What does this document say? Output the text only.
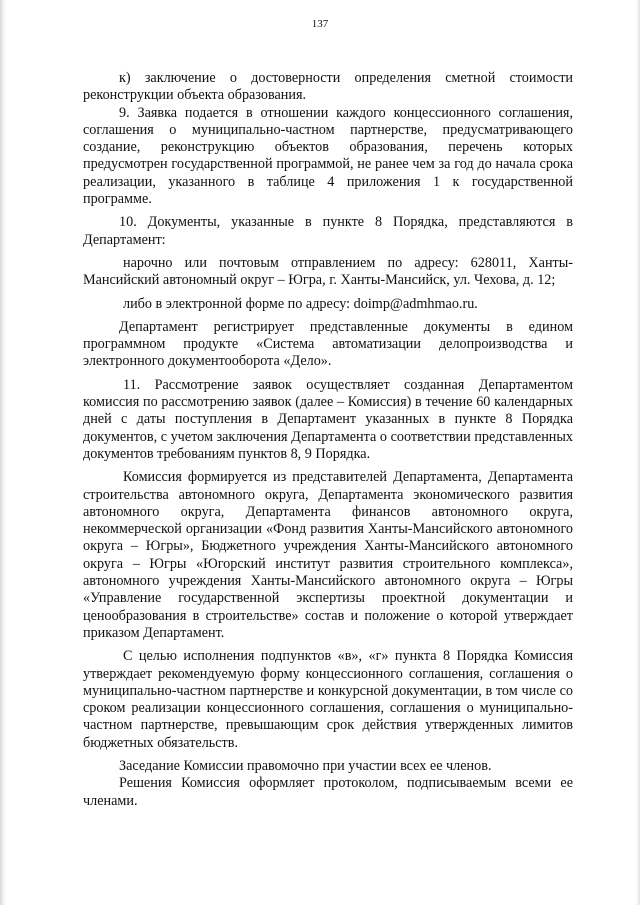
137

к) заключение о достоверности определения сметной стоимости реконструкции объекта образования.

9. Заявка подается в отношении каждого концессионного соглашения, соглашения о муниципально-частном партнерстве, предусматривающего создание, реконструкцию объектов образования, перечень которых предусмотрен государственной программой, не ранее чем за год до начала срока реализации, указанного в таблице 4 приложения 1 к государственной программе.

10. Документы, указанные в пункте 8 Порядка, представляются в Департамент:

нарочно или почтовым отправлением по адресу: 628011, Ханты-Мансийский автономный округ – Югра, г. Ханты-Мансийск, ул. Чехова, д. 12;

либо в электронной форме по адресу: doimp@admhmao.ru.

Департамент регистрирует представленные документы в едином программном продукте «Система автоматизации делопроизводства и электронного документооборота «Дело».

11. Рассмотрение заявок осуществляет созданная Департаментом комиссия по рассмотрению заявок (далее – Комиссия) в течение 60 календарных дней с даты поступления в Департамент указанных в пункте 8 Порядка документов, с учетом заключения Департамента о соответствии представленных документов требованиям пунктов 8, 9 Порядка.

Комиссия формируется из представителей Департамента, Департамента строительства автономного округа, Департамента экономического развития автономного округа, Департамента финансов автономного округа, некоммерческой организации «Фонд развития Ханты-Мансийского автономного округа – Югры», Бюджетного учреждения Ханты-Мансийского автономного округа – Югры «Югорский институт развития строительного комплекса», автономного учреждения Ханты-Мансийского автономного округа – Югры «Управление государственной экспертизы проектной документации и ценообразования в строительстве» состав и положение о которой утверждает приказом Департамент.

С целью исполнения подпунктов «в», «г» пункта 8 Порядка Комиссия утверждает рекомендуемую форму концессионного соглашения, соглашения о муниципально-частном партнерстве и конкурсной документации, в том числе со сроком реализации концессионного соглашения, соглашения о муниципально-частном партнерстве, превышающим срок действия утвержденных лимитов бюджетных обязательств.

Заседание Комиссии правомочно при участии всех ее членов.

Решения Комиссия оформляет протоколом, подписываемым всеми ее членами.
